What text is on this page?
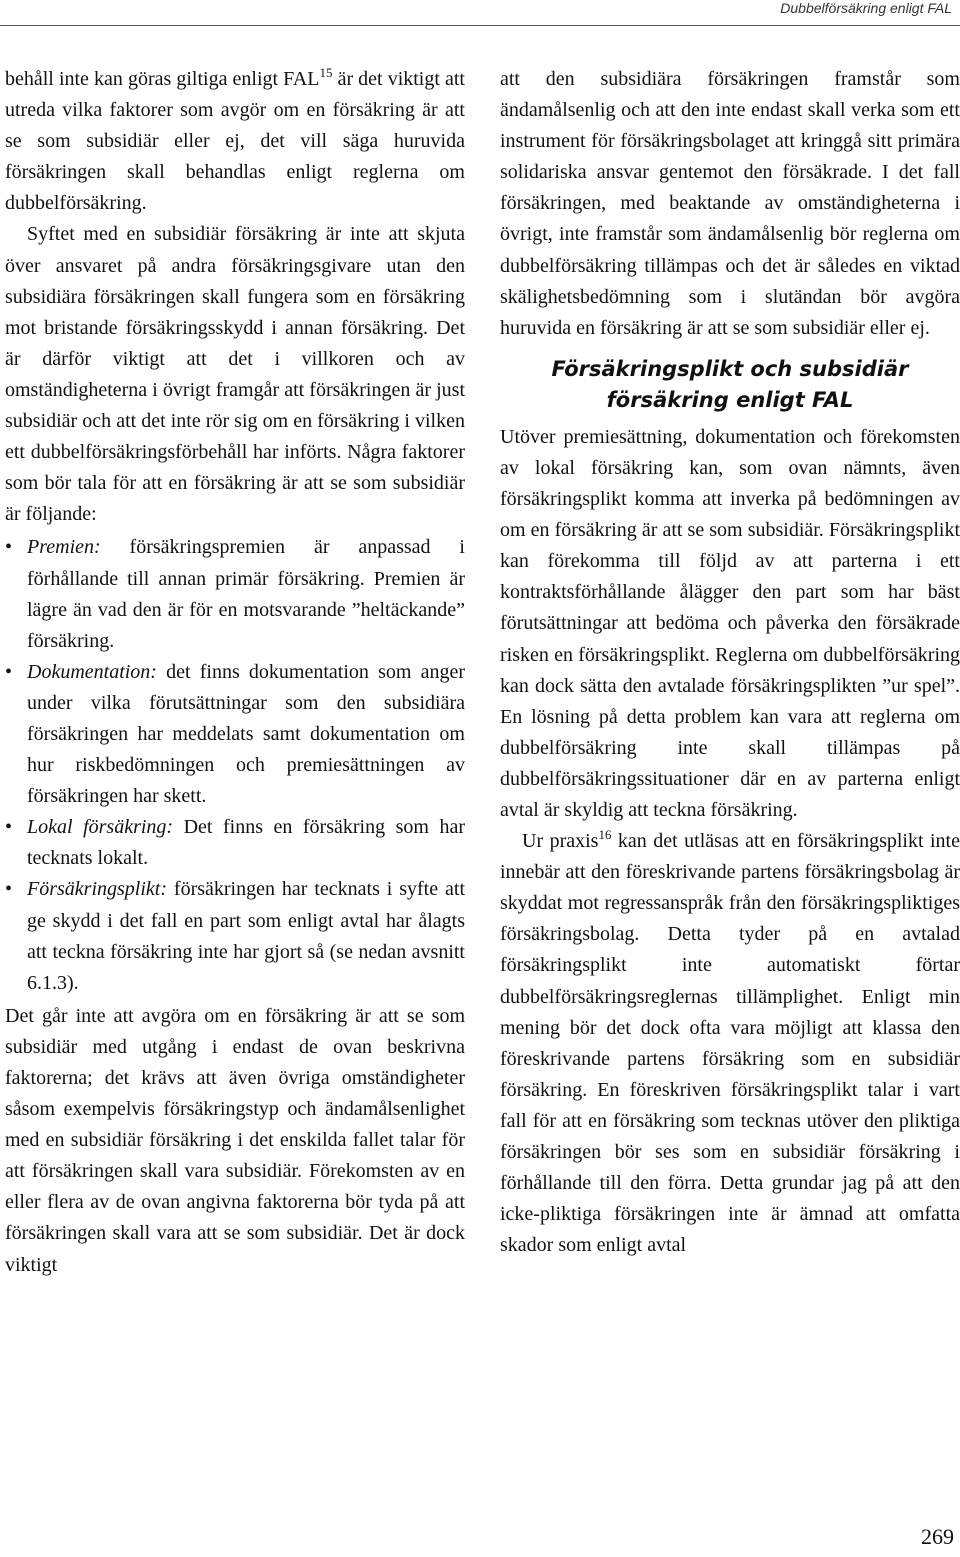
Dubbelförsäkring enligt FAL

behåll inte kan göras giltiga enligt FAL$^{15}$ är det viktigt att utreda vilka faktorer som avgör om en försäkring är att se som subsidiär eller ej, det vill säga huruvida försäkringen skall behandlas enligt reglerna om dubbelförsäkring.

Syftet med en subsidiär försäkring är inte att skjuta över ansvaret på andra försäkringsgivare utan den subsidiära försäkringen skall fungera som en försäkring mot bristande försäkringsskydd i annan försäkring. Det är därför viktigt att det i villkoren och av omständigheterna i övrigt framgår att försäkringen är just subsidiär och att det inte rör sig om en försäkring i vilken ett dubbelförsäkringsförbehåll har införts. Några faktorer som bör tala för att en försäkring är att se som subsidiär är följande:

• Premien: försäkringspremien är anpassad i förhållande till annan primär försäkring. Premien är lägre än vad den är för en motsvarande ”heltäckande” försäkring.
• Dokumentation: det finns dokumentation som anger under vilka förutsättningar som den subsidiära försäkringen har meddelats samt dokumentation om hur riskbedömningen och premiesättningen av försäkringen har skett.
• Lokal försäkring: Det finns en försäkring som har tecknats lokalt.
• Försäkringsplikt: försäkringen har tecknats i syfte att ge skydd i det fall en part som enligt avtal har ålagts att teckna försäkring inte har gjort så (se nedan avsnitt 6.1.3).

Det går inte att avgöra om en försäkring är att se som subsidiär med utgång i endast de ovan beskrivna faktorerna; det krävs att även övriga omständigheter såsom exempelvis försäkringstyp och ändamålsenlighet med en subsidiär försäkring i det enskilda fallet talar för att försäkringen skall vara subsidiär. Förekomsten av en eller flera av de ovan angivna faktorerna bör tyda på att försäkringen skall vara att se som subsidiär. Det är dock viktigt

att den subsidiära försäkringen framstår som ändamålsenlig och att den inte endast skall verka som ett instrument för försäkringsbolaget att kringgå sitt primära solidariska ansvar gentemot den försäkrade. I det fall försäkringen, med beaktande av omständigheterna i övrigt, inte framstår som ändamålsenlig bör reglerna om dubbelförsäkring tillämpas och det är således en viktad skälighetsbedömning som i slutändan bör avgöra huruvida en försäkring är att se som subsidiär eller ej.

Försäkringsplikt och subsidiär
försäkring enligt FAL

Utöver premiesättning, dokumentation och förekomsten av lokal försäkring kan, som ovan nämnts, även försäkringsplikt komma att inverka på bedömningen av om en försäkring är att se som subsidiär. Försäkringsplikt kan förekomma till följd av att parterna i ett kontraktsförhållande ålägger den part som har bäst förutsättningar att bedöma och påverka den försäkrade risken en försäkringsplikt. Reglerna om dubbelförsäkring kan dock sätta den avtalade försäkringsplikten ”ur spel”. En lösning på detta problem kan vara att reglerna om dubbelförsäkring inte skall tillämpas på dubbelförsäkringssituationer där en av parterna enligt avtal är skyldig att teckna försäkring.

Ur praxis$^{16}$ kan det utläsas att en försäkringsplikt inte innebär att den föreskrivande partens försäkringsbolag är skyddat mot regressanspråk från den försäkringspliktiges försäkringsbolag. Detta tyder på en avtalad försäkringsplikt inte automatiskt förtar dubbelförsäkringsreglernas tillämplighet. Enligt min mening bör det dock ofta vara möjligt att klassa den föreskrivande partens försäkring som en subsidiär försäkring. En föreskriven försäkringsplikt talar i vart fall för att en försäkring som tecknas utöver den pliktiga försäkringen bör ses som en subsidiär försäkring i förhållande till den förra. Detta grundar jag på att den icke-pliktiga försäkringen inte är ämnad att omfatta skador som enligt avtal

269
